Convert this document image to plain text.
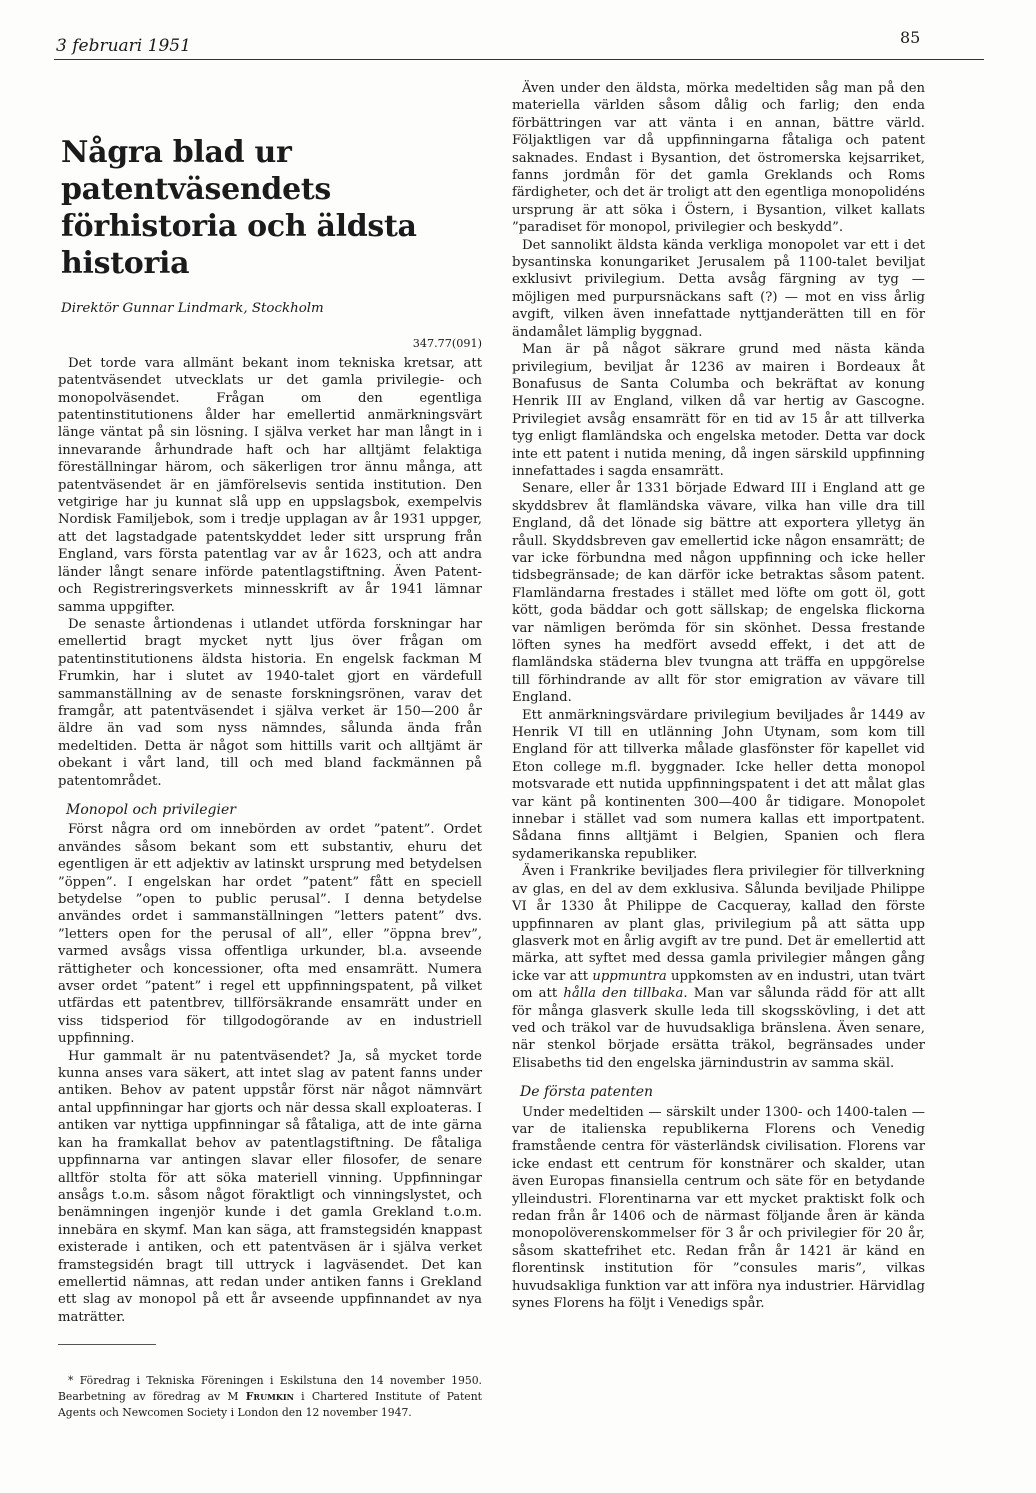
3 februari 1951	85
Några blad ur patentväsendets förhistoria och äldsta historia
Direktör Gunnar Lindmark, Stockholm
347.77(091)

Det torde vara allmänt bekant inom tekniska kretsar, att patentväsendet utvecklats ur det gamla privilegie- och monopolväsendet. Frågan om den egentliga patentinstitutionens ålder har emellertid anmärkningsvärt länge väntat på sin lösning. I själva verket har man långt in i innevarande århundrade haft och har alltjämt felaktiga föreställningar härom, och säkerligen tror ännu många, att patentväsendet är en jämförelsevis sentida institution. Den vetgirige har ju kunnat slå upp en uppslagsbok, exempelvis Nordisk Familjebok, som i tredje upplagan av år 1931 uppger, att det lagstadgade patentskyddet leder sitt ursprung från England, vars första patentlag var av år 1623, och att andra länder långt senare införde patentlagstiftning. Även Patent- och Registreringsverkets minnesskrift av år 1941 lämnar samma uppgifter.

De senaste årtiondenas i utlandet utförda forskningar har emellertid bragt mycket nytt ljus över frågan om patentinstitutionens äldsta historia. En engelsk fackman M Frumkin, har i slutet av 1940-talet gjort en värdefull sammanställning av de senaste forskningsrönen, varav det framgår, att patentväsendet i själva verket är 150—200 år äldre än vad som nyss nämndes, sålunda ända från medeltiden. Detta är något som hittills varit och alltjämt är obekant i vårt land, till och med bland fackmännen på patentområdet.

Monopol och privilegier

Först några ord om innebörden av ordet ”patent”. Ordet användes såsom bekant som ett substantiv, ehuru det egentligen är ett adjektiv av latinskt ursprung med betydelsen ”öppen”. I engelskan har ordet ”patent” fått en speciell betydelse ”open to public perusal”. I denna betydelse användes ordet i sammanställningen ”letters patent” dvs. ”letters open for the perusal of all”, eller ”öppna brev”, varmed avsågs vissa offentliga urkunder, bl.a. avseende rättigheter och koncessioner, ofta med ensamrätt. Numera avser ordet ”patent” i regel ett uppfinningspatent, på vilket utfärdas ett patentbrev, tillförsäkrande ensamrätt under en viss tidsperiod för tillgodogörande av en industriell uppfinning.

Hur gammalt är nu patentväsendet? Ja, så mycket torde kunna anses vara säkert, att intet slag av patent fanns under antiken. Behov av patent uppstår först när något nämnvärt antal uppfinningar har gjorts och när dessa skall exploateras. I antiken var nyttiga uppfinningar så fåtaliga, att de inte gärna kan ha framkallat behov av patentlagstiftning. De fåtaliga uppfinnarna var antingen slavar eller filosofer, de senare alltför stolta för att söka materiell vinning. Uppfinningar ansågs t.o.m. såsom något föraktligt och vinningslystet, och benämningen ingenjör kunde i det gamla Grekland t.o.m. innebära en skymf. Man kan säga, att framstegsidén knappast existerade i antiken, och ett patentväsen är i själva verket framstegsidén bragt till uttryck i lagväsendet. Det kan emellertid nämnas, att redan under antiken fanns i Grekland ett slag av monopol på ett år avseende uppfinnandet av nya maträtter.

* Föredrag i Tekniska Föreningen i Eskilstuna den 14 november 1950. Bearbetning av föredrag av M Frumkin i Chartered Institute of Patent Agents och Newcomen Society i London den 12 november 1947.

Även under den äldsta, mörka medeltiden såg man på den materiella världen såsom dålig och farlig; den enda förbättringen var att vänta i en annan, bättre värld. Följaktligen var då uppfinningarna fåtaliga och patent saknades. Endast i Bysantion, det östromerska kejsarriket, fanns jordmån för det gamla Greklands och Roms färdigheter, och det är troligt att den egentliga monopolidéns ursprung är att söka i Östern, i Bysantion, vilket kallats ”paradiset för monopol, privilegier och beskydd”.

Det sannolikt äldsta kända verkliga monopolet var ett i det bysantinska konungariket Jerusalem på 1100-talet beviljat exklusivt privilegium. Detta avsåg färgning av tyg — möjligen med purpursnäckans saft (?) — mot en viss årlig avgift, vilken även innefattade nyttjanderätten till en för ändamålet lämplig byggnad.

Man är på något säkrare grund med nästa kända privilegium, beviljat år 1236 av mairen i Bordeaux åt Bonafusus de Santa Columba och bekräftat av konung Henrik III av England, vilken då var hertig av Gascogne. Privilegiet avsåg ensamrätt för en tid av 15 år att tillverka tyg enligt flamländska och engelska metoder. Detta var dock inte ett patent i nutida mening, då ingen särskild uppfinning innefattades i sagda ensamrätt.

Senare, eller år 1331 började Edward III i England att ge skyddsbrev åt flamländska vävare, vilka han ville dra till England, då det lönade sig bättre att exportera ylletyg än råull. Skyddsbreven gav emellertid icke någon ensamrätt; de var icke förbundna med någon uppfinning och icke heller tidsbegränsade; de kan därför icke betraktas såsom patent. Flamländarna frestades i stället med löfte om gott öl, gott kött, goda bäddar och gott sällskap; de engelska flickorna var nämligen berömda för sin skönhet. Dessa frestande löften synes ha medfört avsedd effekt, i det att de flamländska städerna blev tvungna att träffa en uppgörelse till förhindrande av allt för stor emigration av vävare till England.

Ett anmärkningsvärdare privilegium beviljades år 1449 av Henrik VI till en utlänning John Utynam, som kom till England för att tillverka målade glasfönster för kapellet vid Eton college m.fl. byggnader. Icke heller detta monopol motsvarade ett nutida uppfinningspatent i det att målat glas var känt på kontinenten 300—400 år tidigare. Monopolet innebar i stället vad som numera kallas ett importpatent. Sådana finns alltjämt i Belgien, Spanien och flera sydamerikanska republiker.

Även i Frankrike beviljades flera privilegier för tillverkning av glas, en del av dem exklusiva. Sålunda beviljade Philippe VI år 1330 åt Philippe de Cacqueray, kallad den förste uppfinnaren av plant glas, privilegium på att sätta upp glasverk mot en årlig avgift av tre pund. Det är emellertid att märka, att syftet med dessa gamla privilegier mången gång icke var att uppmuntra uppkomsten av en industri, utan tvärt om att hålla den tillbaka. Man var sålunda rädd för att allt för många glasverk skulle leda till skogsskövling, i det att ved och träkol var de huvudsakliga bränslena. Även senare, när stenkol började ersätta träkol, begränsades under Elisabeths tid den engelska järnindustrin av samma skäl.

De första patenten

Under medeltiden — särskilt under 1300- och 1400-talen — var de italienska republikerna Florens och Venedig framstående centra för västerländsk civilisation. Florens var icke endast ett centrum för konstnärer och skalder, utan även Europas finansiella centrum och säte för en betydande ylleindustri. Florentinarna var ett mycket praktiskt folk och redan från år 1406 och de närmast följande åren är kända monopolöverenskommelser för 3 år och privilegier för 20 år, såsom skattefrihet etc. Redan från år 1421 är känd en florentinsk institution för ”consules maris”, vilkas huvudsakliga funktion var att införa nya industrier. Härvidlag synes Florens ha följt i Venedigs spår.
